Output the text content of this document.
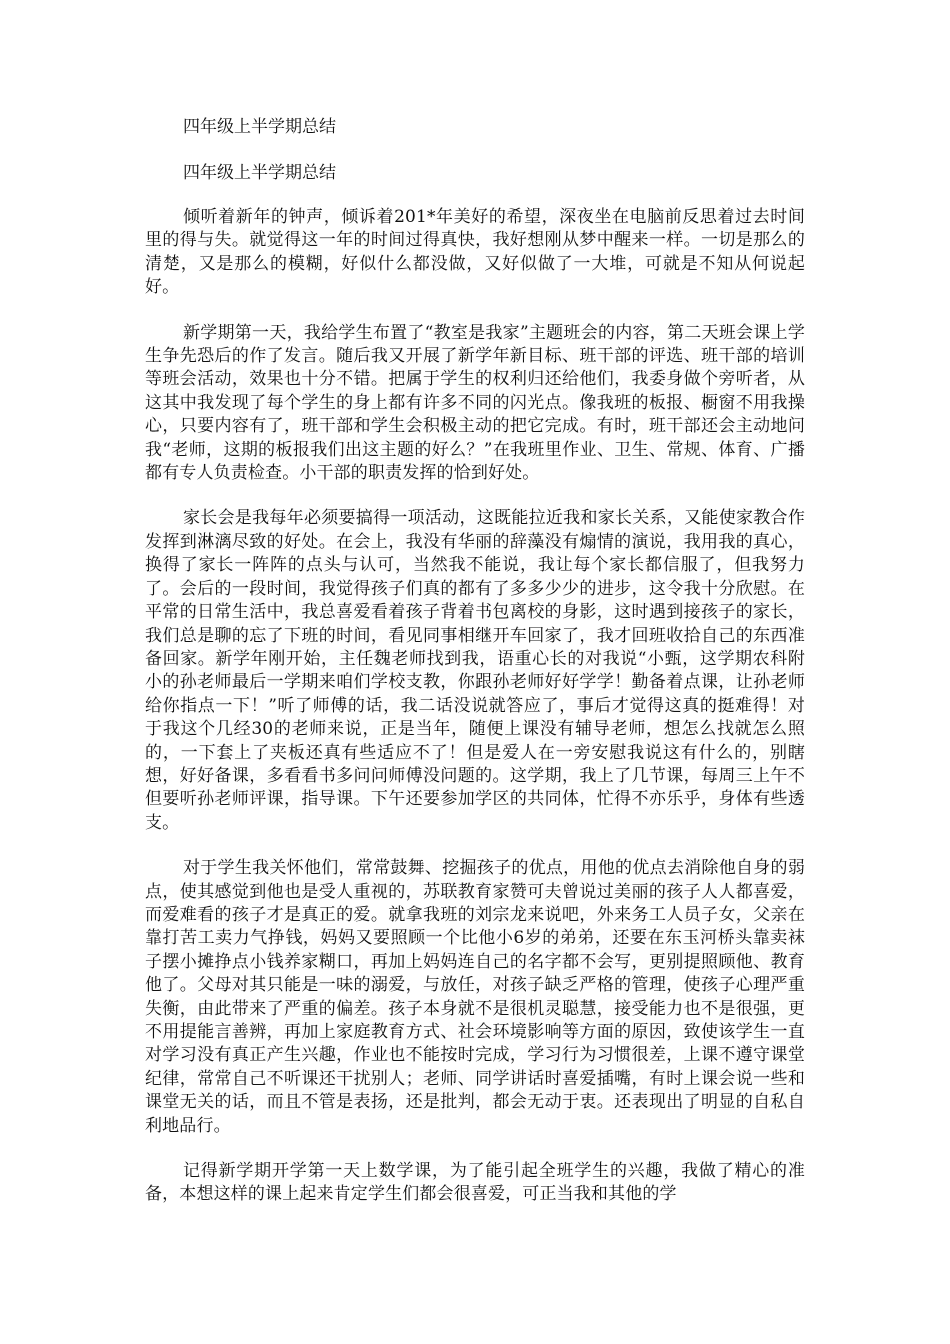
四年级上半学期总结

四年级上半学期总结

倾听着新年的钟声，倾诉着201*年美好的希望，深夜坐在电脑前反思着过去时间里的得与失。就觉得这一年的时间过得真快，我好想刚从梦中醒来一样。一切是那么的清楚，又是那么的模糊，好似什么都没做，又好似做了一大堆，可就是不知从何说起好。

新学期第一天，我给学生布置了“教室是我家”主题班会的内容，第二天班会课上学生争先恐后的作了发言。随后我又开展了新学年新目标、班干部的评选、班干部的培训等班会活动，效果也十分不错。把属于学生的权利归还给他们，我委身做个旁听者，从这其中我发现了每个学生的身上都有许多不同的闪光点。像我班的板报、橱窗不用我操心，只要内容有了，班干部和学生会积极主动的把它完成。有时，班干部还会主动地问我“老师，这期的板报我们出这主题的好么？”在我班里作业、卫生、常规、体育、广播都有专人负责检查。小干部的职责发挥的恰到好处。

家长会是我每年必须要搞得一项活动，这既能拉近我和家长关系，又能使家教合作发挥到淋漓尽致的好处。在会上，我没有华丽的辞藻没有煽情的演说，我用我的真心，换得了家长一阵阵的点头与认可，当然我不能说，我让每个家长都信服了，但我努力了。会后的一段时间，我觉得孩子们真的都有了多多少少的进步，这令我十分欣慰。在平常的日常生活中，我总喜爱看着孩子背着书包离校的身影，这时遇到接孩子的家长，我们总是聊的忘了下班的时间，看见同事相继开车回家了，我才回班收拾自己的东西准备回家。新学年刚开始，主任魏老师找到我，语重心长的对我说“小甄，这学期农科附小的孙老师最后一学期来咱们学校支教，你跟孙老师好好学学！勤备着点课，让孙老师给你指点一下！”听了师傅的话，我二话没说就答应了，事后才觉得这真的挺难得！对于我这个几经30的老师来说，正是当年，随便上课没有辅导老师，想怎么找就怎么照的，一下套上了夹板还真有些适应不了！但是爱人在一旁安慰我说这有什么的，别瞎想，好好备课，多看看书多问问师傅没问题的。这学期，我上了几节课，每周三上午不但要听孙老师评课，指导课。下午还要参加学区的共同体，忙得不亦乐乎，身体有些透支。

对于学生我关怀他们，常常鼓舞、挖掘孩子的优点，用他的优点去消除他自身的弱点，使其感觉到他也是受人重视的，苏联教育家赞可夫曾说过美丽的孩子人人都喜爱，而爱难看的孩子才是真正的爱。就拿我班的刘宗龙来说吧，外来务工人员子女，父亲在靠打苦工卖力气挣钱，妈妈又要照顾一个比他小6岁的弟弟，还要在东玉河桥头靠卖袜子摆小摊挣点小钱养家糊口，再加上妈妈连自己的名字都不会写，更别提照顾他、教育他了。父母对其只能是一味的溺爱，与放任，对孩子缺乏严格的管理，使孩子心理严重失衡，由此带来了严重的偏差。孩子本身就不是很机灵聪慧，接受能力也不是很强，更不用提能言善辨，再加上家庭教育方式、社会环境影响等方面的原因，致使该学生一直对学习没有真正产生兴趣，作业也不能按时完成，学习行为习惯很差，上课不遵守课堂纪律，常常自己不听课还干扰别人；老师、同学讲话时喜爱插嘴，有时上课会说一些和课堂无关的话，而且不管是表扬，还是批判，都会无动于衷。还表现出了明显的自私自利地品行。

记得新学期开学第一天上数学课，为了能引起全班学生的兴趣，我做了精心的准备，本想这样的课上起来肯定学生们都会很喜爱，可正当我和其他的学
